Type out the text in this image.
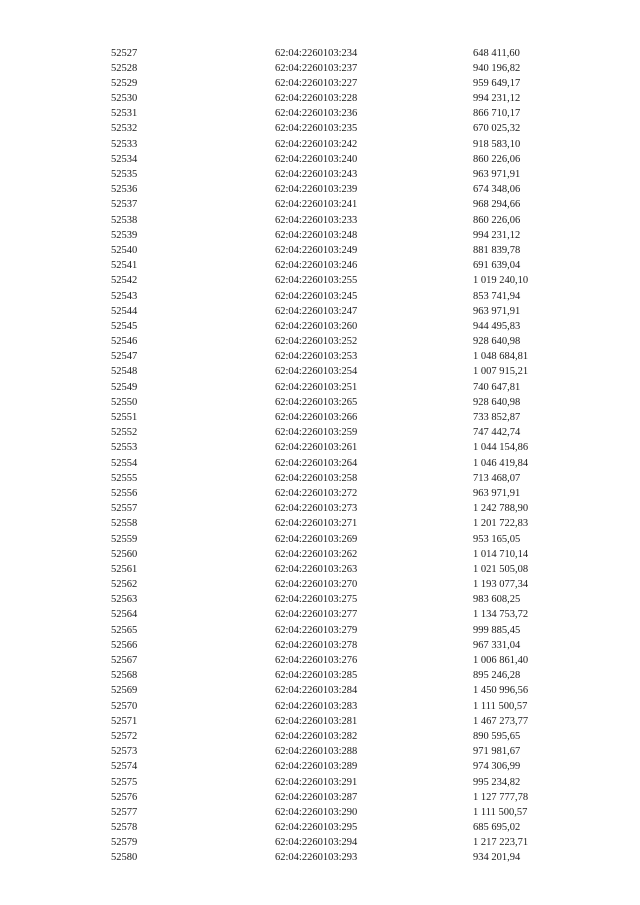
52527	62:04:2260103:234	648 411,60
52528	62:04:2260103:237	940 196,82
52529	62:04:2260103:227	959 649,17
52530	62:04:2260103:228	994 231,12
52531	62:04:2260103:236	866 710,17
52532	62:04:2260103:235	670 025,32
52533	62:04:2260103:242	918 583,10
52534	62:04:2260103:240	860 226,06
52535	62:04:2260103:243	963 971,91
52536	62:04:2260103:239	674 348,06
52537	62:04:2260103:241	968 294,66
52538	62:04:2260103:233	860 226,06
52539	62:04:2260103:248	994 231,12
52540	62:04:2260103:249	881 839,78
52541	62:04:2260103:246	691 639,04
52542	62:04:2260103:255	1 019 240,10
52543	62:04:2260103:245	853 741,94
52544	62:04:2260103:247	963 971,91
52545	62:04:2260103:260	944 495,83
52546	62:04:2260103:252	928 640,98
52547	62:04:2260103:253	1 048 684,81
52548	62:04:2260103:254	1 007 915,21
52549	62:04:2260103:251	740 647,81
52550	62:04:2260103:265	928 640,98
52551	62:04:2260103:266	733 852,87
52552	62:04:2260103:259	747 442,74
52553	62:04:2260103:261	1 044 154,86
52554	62:04:2260103:264	1 046 419,84
52555	62:04:2260103:258	713 468,07
52556	62:04:2260103:272	963 971,91
52557	62:04:2260103:273	1 242 788,90
52558	62:04:2260103:271	1 201 722,83
52559	62:04:2260103:269	953 165,05
52560	62:04:2260103:262	1 014 710,14
52561	62:04:2260103:263	1 021 505,08
52562	62:04:2260103:270	1 193 077,34
52563	62:04:2260103:275	983 608,25
52564	62:04:2260103:277	1 134 753,72
52565	62:04:2260103:279	999 885,45
52566	62:04:2260103:278	967 331,04
52567	62:04:2260103:276	1 006 861,40
52568	62:04:2260103:285	895 246,28
52569	62:04:2260103:284	1 450 996,56
52570	62:04:2260103:283	1 111 500,57
52571	62:04:2260103:281	1 467 273,77
52572	62:04:2260103:282	890 595,65
52573	62:04:2260103:288	971 981,67
52574	62:04:2260103:289	974 306,99
52575	62:04:2260103:291	995 234,82
52576	62:04:2260103:287	1 127 777,78
52577	62:04:2260103:290	1 111 500,57
52578	62:04:2260103:295	685 695,02
52579	62:04:2260103:294	1 217 223,71
52580	62:04:2260103:293	934 201,94
